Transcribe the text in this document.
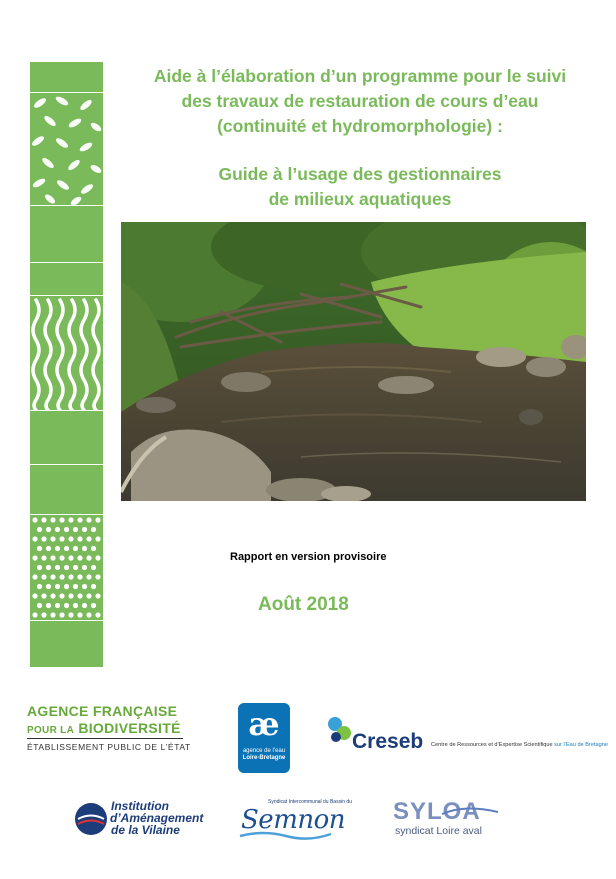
Aide à l’élaboration d’un programme pour le suivi
des travaux de restauration de cours d’eau
(continuité et hydromorphologie) :
Guide à l’usage des gestionnaires
de milieux aquatiques
Rapport en version provisoire
Août 2018
AGENCE FRANÇAISE
POUR LA BIODIVERSITÉ
ÉTABLISSEMENT PUBLIC DE L’ÉTAT
æ
agence de l’eau
Loire-Bretagne
Creseb Centre de Ressources et d’Expertise Scientifique sur l’Eau de Bretagne
Institution
d’Aménagement
de la Vilaine
Syndicat Intercommunal du Bassin du
Semnon SYLOA
syndicat Loire aval
